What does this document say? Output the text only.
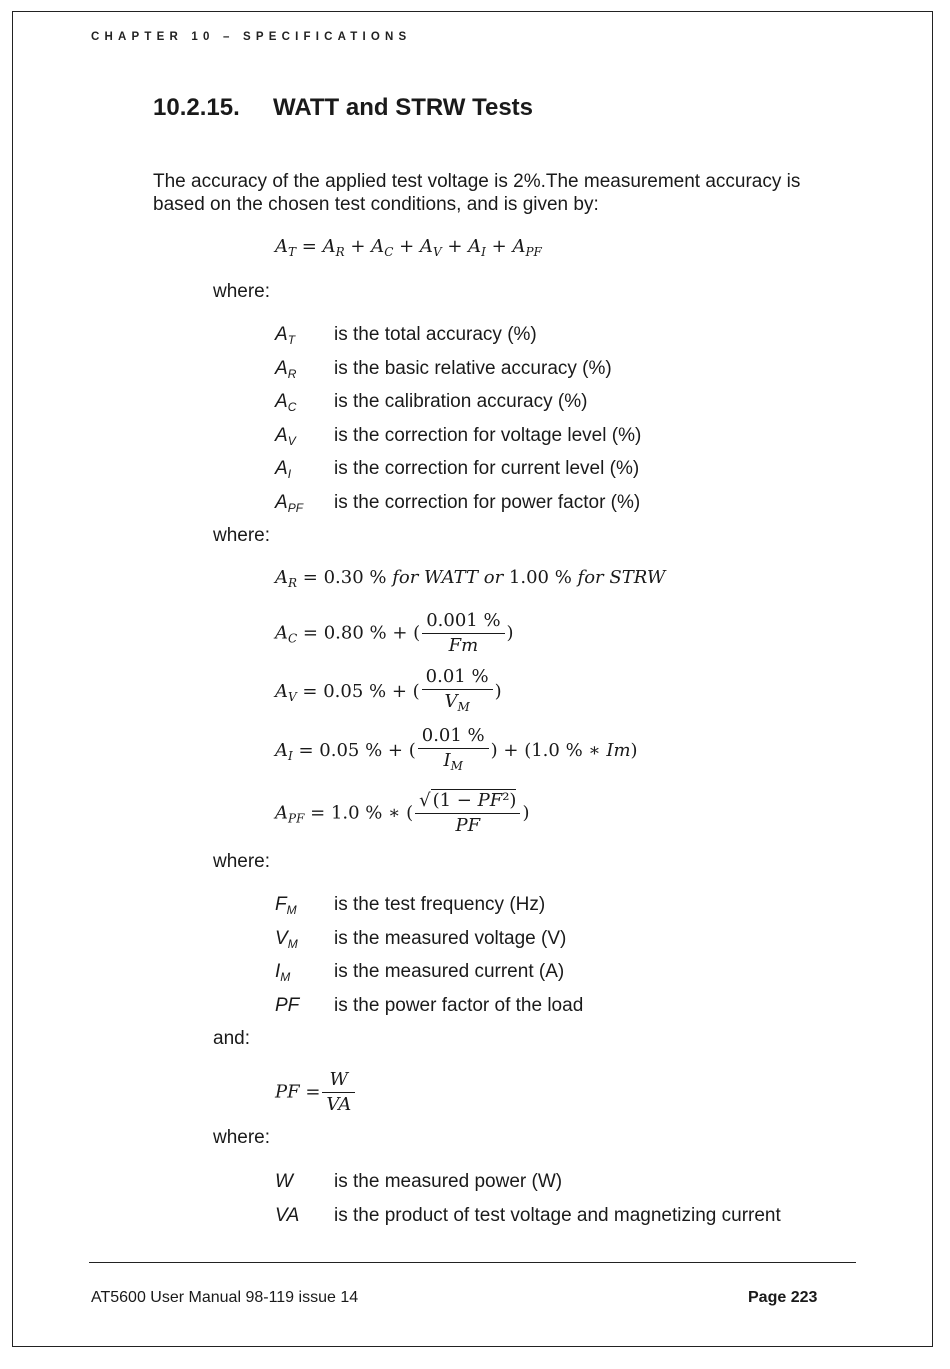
CHAPTER 10 – SPECIFICATIONS
10.2.15. WATT and STRW Tests
The accuracy of the applied test voltage is 2%.The measurement accuracy is based on the chosen test conditions, and is given by:
$A_T = A_R + A_C + A_V + A_I + A_{PF}$
where:
$A_T$ is the total accuracy (%)
$A_R$ is the basic relative accuracy (%)
$A_C$ is the calibration accuracy (%)
$A_V$ is the correction for voltage level (%)
$A_I$ is the correction for current level (%)
$A_{PF}$ is the correction for power factor (%)
where:
$A_R = 0.30$ % for WATT or 1.00 % for STRW
$A_C = 0.80$ % + ( $\frac{0.001 \%}{Fm}$ )
$A_V = 0.05$ % + ( $\frac{0.01 \%}{V_M}$ )
$A_I = 0.05$ % + ( $\frac{0.01 \%}{I_M}$ ) + (1.0 % ∗ Im)
$A_{PF} = 1.0$ % ∗ ( $\frac{\text{√ (1 − PF²)}}{PF}$ )
where:
$F_M$ is the test frequency (Hz)
$V_M$ is the measured voltage (V)
$I_M$ is the measured current (A)
PF is the power factor of the load
and:
PF = $\frac{W}{VA}$
where:
W is the measured power (W)
VA is the product of test voltage and magnetizing current
AT5600 User Manual 98-119 issue 14	Page 223
